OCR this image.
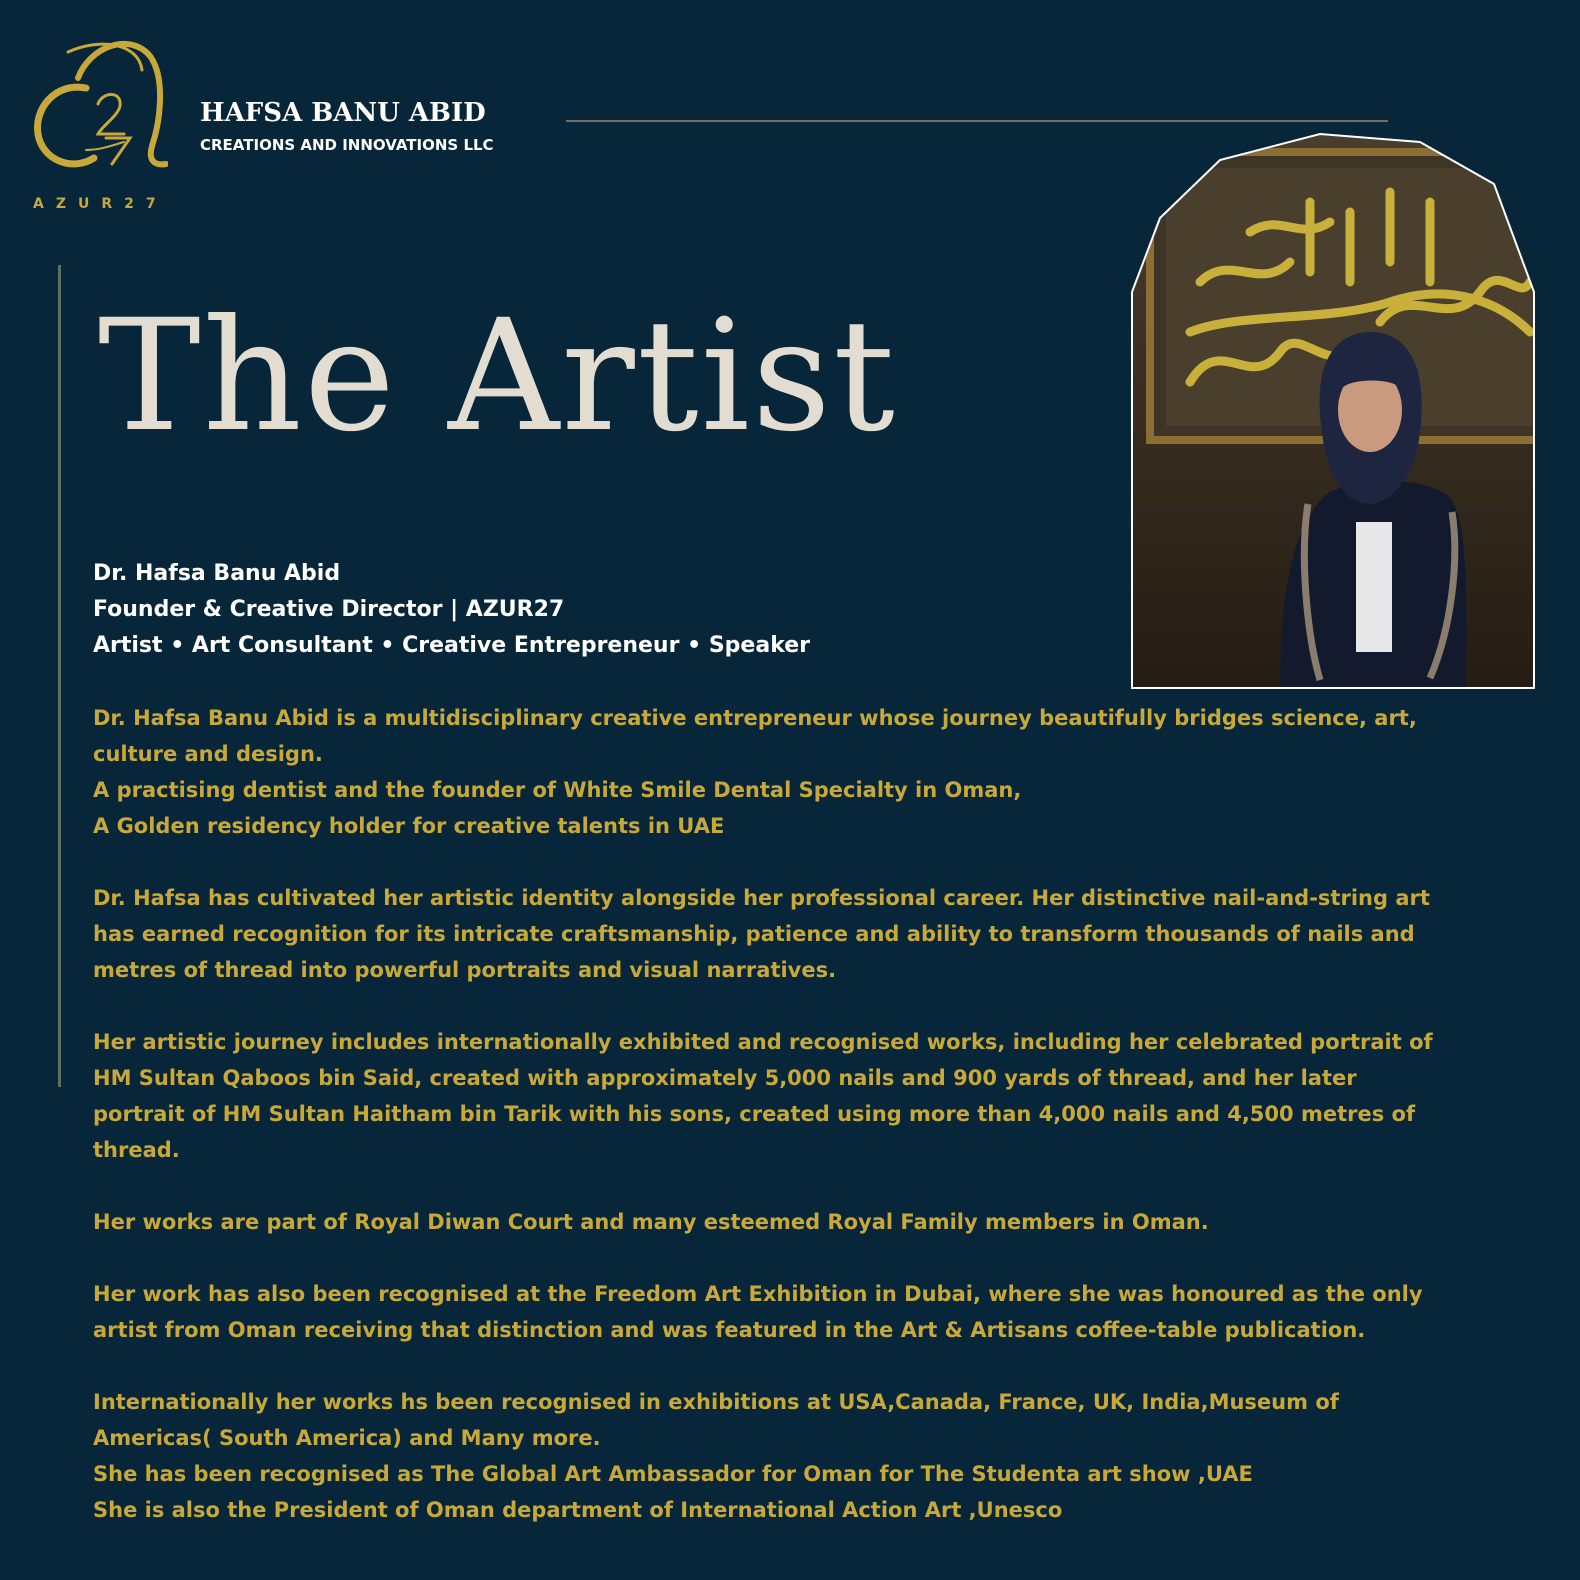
AZUR27
HAFSA BANU ABID
CREATIONS AND INNOVATIONS LLC
The Artist
Dr. Hafsa Banu Abid
Founder & Creative Director | AZUR27
Artist • Art Consultant • Creative Entrepreneur • Speaker

Dr. Hafsa Banu Abid is a multidisciplinary creative entrepreneur whose journey beautifully bridges science, art, culture and design.
A practising dentist and the founder of White Smile Dental Specialty in Oman,
A Golden residency holder for creative talents in UAE

Dr. Hafsa has cultivated her artistic identity alongside her professional career. Her distinctive nail-and-string art has earned recognition for its intricate craftsmanship, patience and ability to transform thousands of nails and metres of thread into powerful portraits and visual narratives.

Her artistic journey includes internationally exhibited and recognised works, including her celebrated portrait of HM Sultan Qaboos bin Said, created with approximately 5,000 nails and 900 yards of thread, and her later portrait of HM Sultan Haitham bin Tarik with his sons, created using more than 4,000 nails and 4,500 metres of thread.

Her works are part of Royal Diwan Court and many esteemed Royal Family members in Oman.

Her work has also been recognised at the Freedom Art Exhibition in Dubai, where she was honoured as the only artist from Oman receiving that distinction and was featured in the Art & Artisans coffee-table publication.

Internationally her works hs been recognised in exhibitions at USA,Canada, France, UK, India,Museum of Americas( South America) and Many more.
She has been recognised as The Global Art Ambassador for Oman for The Studenta art show ,UAE
She is also the President of Oman department of International Action Art ,Unesco
